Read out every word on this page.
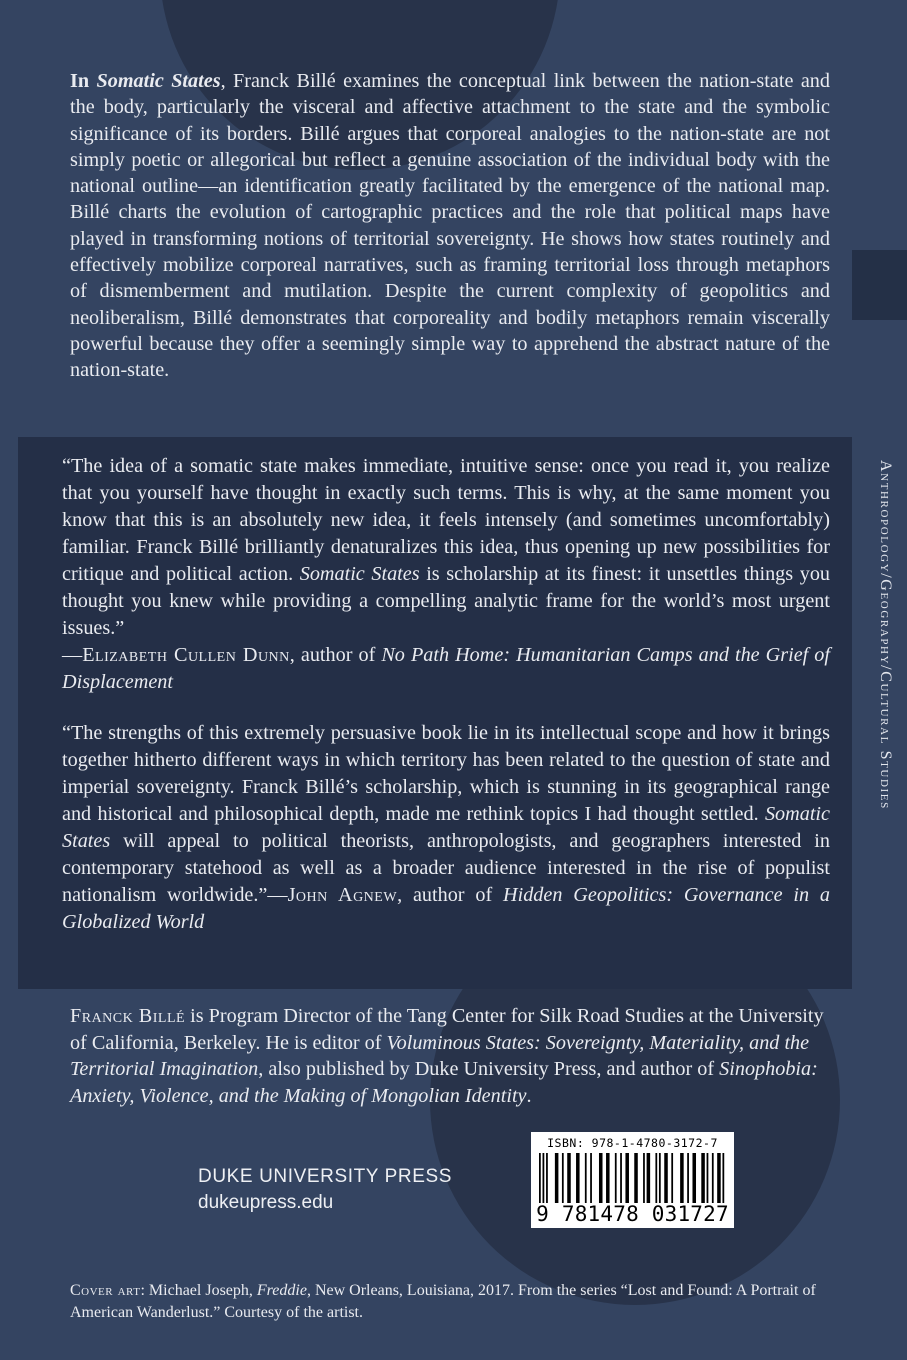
In Somatic States, Franck Billé examines the conceptual link between the nation-state and the body, particularly the visceral and affective attachment to the state and the symbolic significance of its borders. Billé argues that corporeal analogies to the nation-state are not simply poetic or allegorical but reflect a genuine association of the individual body with the national outline—an identification greatly facilitated by the emergence of the national map. Billé charts the evolution of cartographic practices and the role that political maps have played in transforming notions of territorial sovereignty. He shows how states routinely and effectively mobilize corporeal narratives, such as framing territorial loss through metaphors of dismemberment and mutilation. Despite the current complexity of geopolitics and neoliberalism, Billé demonstrates that corporeality and bodily metaphors remain viscerally powerful because they offer a seemingly simple way to apprehend the abstract nature of the nation-state.
“The idea of a somatic state makes immediate, intuitive sense: once you read it, you realize that you yourself have thought in exactly such terms. This is why, at the same moment you know that this is an absolutely new idea, it feels intensely (and sometimes uncomfortably) familiar. Franck Billé brilliantly denaturalizes this idea, thus opening up new possibilities for critique and political action. Somatic States is scholarship at its finest: it unsettles things you thought you knew while providing a compelling analytic frame for the world’s most urgent issues.”
—Elizabeth Cullen Dunn, author of No Path Home: Humanitarian Camps and the Grief of Displacement
“The strengths of this extremely persuasive book lie in its intellectual scope and how it brings together hitherto different ways in which territory has been related to the question of state and imperial sovereignty. Franck Billé’s scholarship, which is stunning in its geographical range and historical and philosophical depth, made me rethink topics I had thought settled. Somatic States will appeal to political theorists, anthropologists, and geographers interested in contemporary statehood as well as a broader audience interested in the rise of populist nationalism worldwide.”—John Agnew, author of Hidden Geopolitics: Governance in a Globalized World
Anthropology/Geography/Cultural Studies
Franck Billé is Program Director of the Tang Center for Silk Road Studies at the University of California, Berkeley. He is editor of Voluminous States: Sovereignty, Materiality, and the Territorial Imagination, also published by Duke University Press, and author of Sinophobia: Anxiety, Violence, and the Making of Mongolian Identity.
DUKE UNIVERSITY PRESS
dukeupress.edu
ISBN: 978-1-4780-3172-7
9 781478 031727
Cover art: Michael Joseph, Freddie, New Orleans, Louisiana, 2017. From the series “Lost and Found: A Portrait of American Wanderlust.” Courtesy of the artist.
